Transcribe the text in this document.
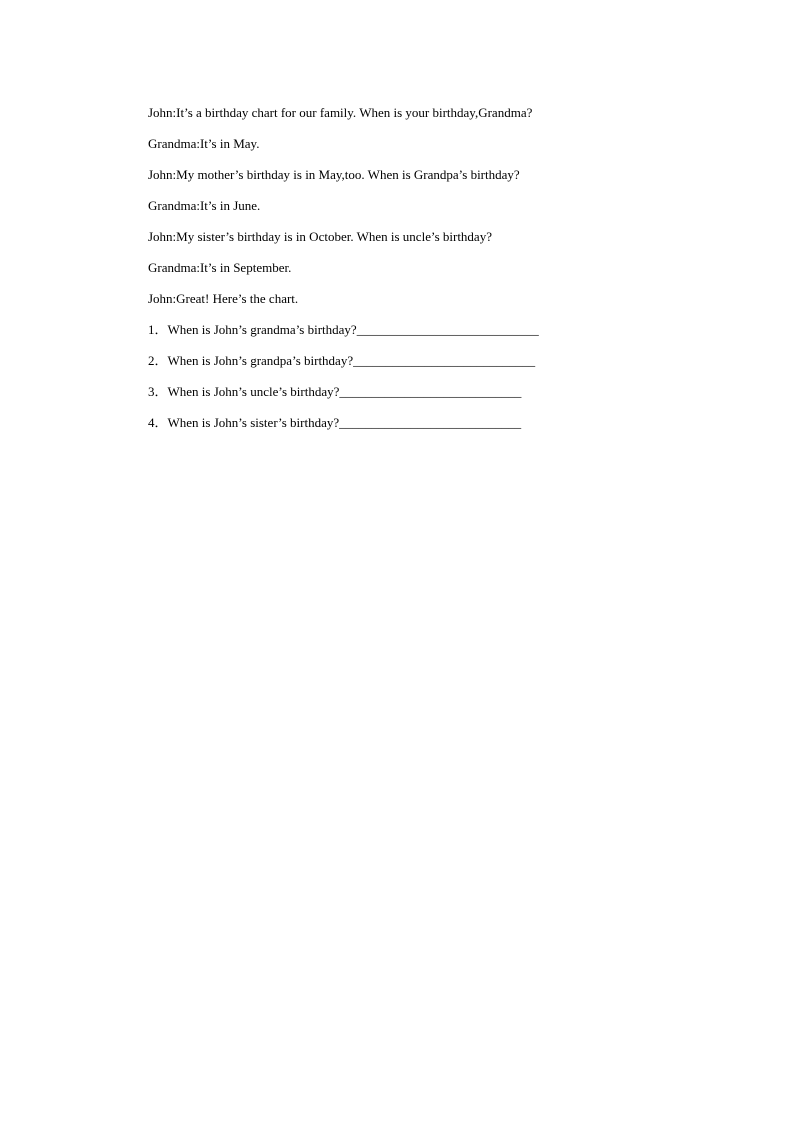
John:It’s a birthday chart for our family. When is your birthday,Grandma?
Grandma:It’s in May.
John:My mother’s birthday is in May,too. When is Grandpa’s birthday?
Grandma:It’s in June.
John:My sister’s birthday is in October. When is uncle’s birthday?
Grandma:It’s in September.
John:Great! Here’s the chart.
1．When is John’s grandma’s birthday?____________________________
2．When is John’s grandpa’s birthday?____________________________
3．When is John’s uncle’s birthday?____________________________
4．When is John’s sister’s birthday?____________________________
